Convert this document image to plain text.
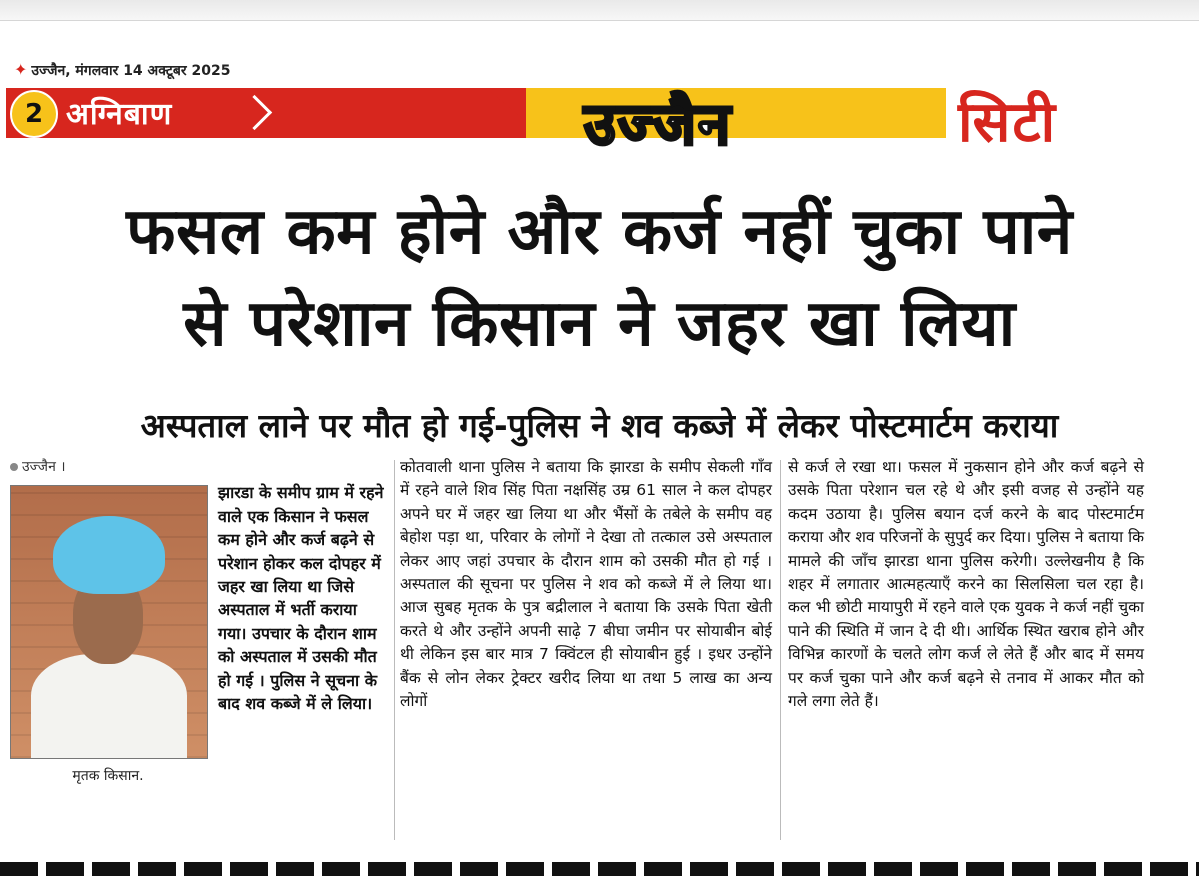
✦ उज्जैन, मंगलवार 14 अक्टूबर 2025
2 अग्निबाण	उज्जैन	सिटी
फसल कम होने और कर्ज नहीं चुका पाने
से परेशान किसान ने जहर खा लिया
अस्पताल लाने पर मौत हो गई-पुलिस ने शव कब्जे में लेकर पोस्टमार्टम कराया
उज्जैन ।
मृतक किसान.
झारडा के समीप ग्राम में रहने वाले एक किसान ने फसल कम होने और कर्ज बढ़ने से परेशान होकर कल दोपहर में जहर खा लिया था जिसे अस्पताल में भर्ती कराया गया। उपचार के दौरान शाम को अस्पताल में उसकी मौत हो गई । पुलिस ने सूचना के बाद शव कब्जे में ले लिया।
कोतवाली थाना पुलिस ने बताया कि झारडा के समीप सेकली गाँव में रहने वाले शिव सिंह पिता नक्षसिंह उम्र 61 साल ने कल दोपहर अपने घर में जहर खा लिया था और भैंसों के तबेले के समीप वह बेहोश पड़ा था, परिवार के लोगों ने देखा तो तत्काल उसे अस्पताल लेकर आए जहां उपचार के दौरान शाम को उसकी मौत हो गई । अस्पताल की सूचना पर पुलिस ने शव को कब्जे में ले लिया था। आज सुबह मृतक के पुत्र बद्रीलाल ने बताया कि उसके पिता खेती करते थे और उन्होंने अपनी साढ़े 7 बीघा जमीन पर सोयाबीन बोई थी लेकिन इस बार मात्र 7 क्विंटल ही सोयाबीन हुई । इधर उन्होंने बैंक से लोन लेकर ट्रेक्टर खरीद लिया था तथा 5 लाख का अन्य लोगों
से कर्ज ले रखा था। फसल में नुकसान होने और कर्ज बढ़ने से उसके पिता परेशान चल रहे थे और इसी वजह से उन्होंने यह कदम उठाया है। पुलिस बयान दर्ज करने के बाद पोस्टमार्टम कराया और शव परिजनों के सुपुर्द कर दिया। पुलिस ने बताया कि मामले की जाँच झारडा थाना पुलिस करेगी। उल्लेखनीय है कि शहर में लगातार आत्महत्याएँ करने का सिलसिला चल रहा है। कल भी छोटी मायापुरी में रहने वाले एक युवक ने कर्ज नहीं चुका पाने की स्थिति में जान दे दी थी। आर्थिक स्थित खराब होने और विभिन्न कारणों के चलते लोग कर्ज ले लेते हैं और बाद में समय पर कर्ज चुका पाने और कर्ज बढ़ने से तनाव में आकर मौत को गले लगा लेते हैं।
